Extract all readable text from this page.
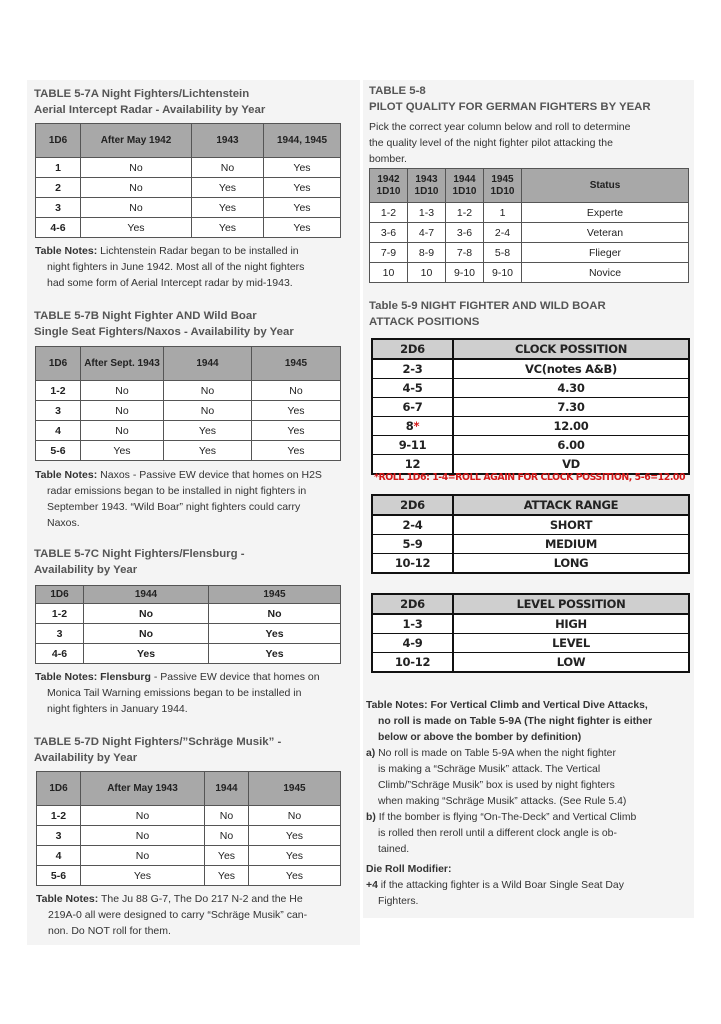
TABLE 5-7A Night Fighters/Lichtenstein
Aerial Intercept Radar - Availability by Year
1D6	After May 1942	1943	1944, 1945
1	No	No	Yes
2	No	Yes	Yes
3	No	Yes	Yes
4-6	Yes	Yes	Yes
Table Notes: Lichtenstein Radar began to be installed in
night fighters in June 1942. Most all of the night fighters
had some form of Aerial Intercept radar by mid-1943.
TABLE 5-7B Night Fighter AND Wild Boar
Single Seat Fighters/Naxos - Availability by Year
1D6	After Sept. 1943	1944	1945
1-2	No	No	No
3	No	No	Yes
4	No	Yes	Yes
5-6	Yes	Yes	Yes
Table Notes: Naxos - Passive EW device that homes on H2S
radar emissions began to be installed in night fighters in
September 1943. “Wild Boar” night fighters could carry
Naxos.
TABLE 5-7C Night Fighters/Flensburg -
Availability by Year
1D6	1944	1945
1-2	No	No
3	No	Yes
4-6	Yes	Yes
Table Notes: Flensburg - Passive EW device that homes on
Monica Tail Warning emissions began to be installed in
night fighters in January 1944.
TABLE 5-7D Night Fighters/”Schräge Musik” -
Availability by Year
1D6	After May 1943	1944	1945
1-2	No	No	No
3	No	No	Yes
4	No	Yes	Yes
5-6	Yes	Yes	Yes
Table Notes: The Ju 88 G-7, The Do 217 N-2 and the He
219A-0 all were designed to carry “Schräge Musik” can-
non. Do NOT roll for them.
TABLE 5-8
PILOT QUALITY FOR GERMAN FIGHTERS BY YEAR
Pick the correct year column below and roll to determine
the quality level of the night fighter pilot attacking the
bomber.
1942 1D10	1943 1D10	1944 1D10	1945 1D10	Status
1-2	1-3	1-2	1	Experte
3-6	4-7	3-6	2-4	Veteran
7-9	8-9	7-8	5-8	Flieger
10	10	9-10	9-10	Novice
Table 5-9 NIGHT FIGHTER AND WILD BOAR
ATTACK POSITIONS
2D6	CLOCK POSSITION
2-3	VC(notes A&B)
4-5	4.30
6-7	7.30
8*	12.00
9-11	6.00
12	VD
*ROLL 1D6: 1-4=ROLL AGAIN FOR CLOCK POSSITION, 5-6=12.00
2D6	ATTACK RANGE
2-4	SHORT
5-9	MEDIUM
10-12	LONG
2D6	LEVEL POSSITION
1-3	HIGH
4-9	LEVEL
10-12	LOW
Table Notes: For Vertical Climb and Vertical Dive Attacks,

no roll is made on Table 5-9A (The night fighter is either
below or above the bomber by definition)
a) No roll is made on Table 5-9A when the night fighter
is making a “Schräge Musik” attack. The Vertical
Climb/”Schräge Musik” box is used by night fighters
when making “Schräge Musik” attacks. (See Rule 5.4)
b) If the bomber is flying “On-The-Deck” and Vertical Climb
is rolled then reroll until a different clock angle is ob-
tained.
Die Roll Modifier:
+4 if the attacking fighter is a Wild Boar Single Seat Day
Fighters.
